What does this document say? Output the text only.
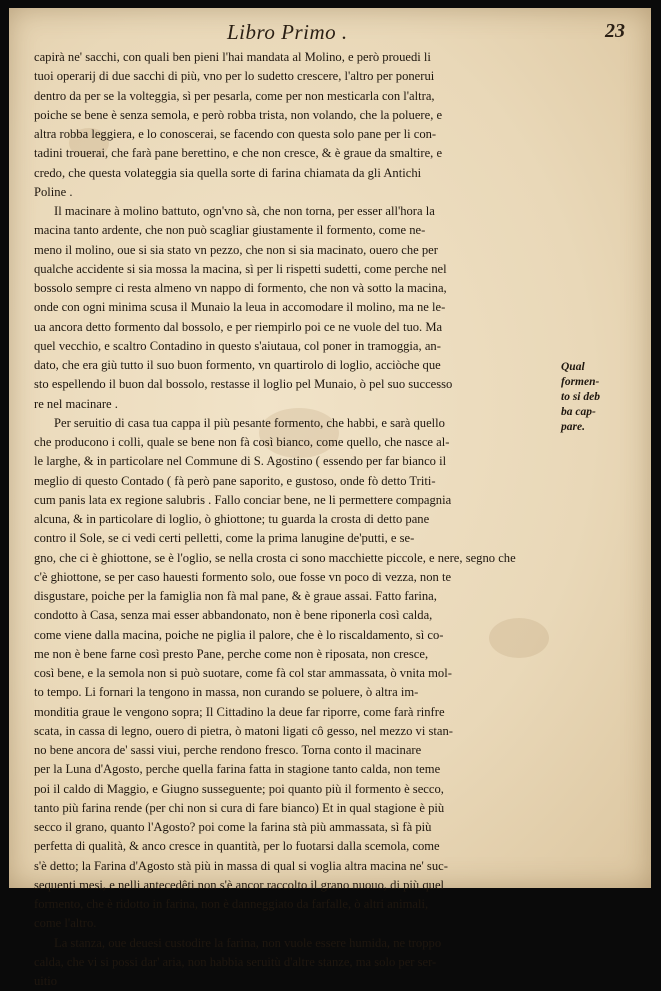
Libro Primo .	23
capirà ne' sacchi, con quali ben pieni l'hai mandata al Molino, e però prouedi li
tuoi operarij di due sacchi di più, vno per lo sudetto crescere, l'altro per ponerui
dentro da per se la volteggia, sì per pesarla, come per non mesticarla con l'altra,
poiche se bene è senza semola, e però robba trista, non volando, che la poluere, e
altra robba leggiera, e lo conoscerai, se facendo con questa solo pane per li con-
tadini trouerai, che farà pane berettino, e che non cresce, & è graue da smaltire, e
credo, che questa volateggia sia quella sorte di farina chiamata da gli Antichi
Poline .
Il macinare à molino battuto, ogn'vno sà, che non torna, per esser all'hora la
macina tanto ardente, che non può scagliar giustamente il formento, come ne-
meno il molino, oue si sia stato vn pezzo, che non si sia macinato, ouero che per
qualche accidente si sia mossa la macina, sì per li rispetti sudetti, come perche nel
bossolo sempre ci resta almeno vn nappo di formento, che non và sotto la macina,
onde con ogni minima scusa il Munaio la leua in accomodare il molino, ma ne le-
ua ancora detto formento dal bossolo, e per riempirlo poi ce ne vuole del tuo. Ma
quel vecchio, e scaltro Contadino in questo s'aiutaua, col poner in tramoggia, an-
dato, che era giù tutto il suo buon formento, vn quartirolo di loglio, acciòche que
sto espellendo il buon dal bossolo, restasse il loglio pel Munaio, ò pel suo successo
re nel macinare .
Per seruitio di casa tua cappa il più pesante formento, che habbi, e sarà quello
che producono i colli, quale se bene non fà così bianco, come quello, che nasce al-
le larghe, & in particolare nel Commune di S. Agostino ( essendo per far bianco il
meglio di questo Contado ( fà però pane saporito, e gustoso, onde fò detto Triti-
cum panis lata ex regione salubris . Fallo conciar bene, ne li permettere compagnia
alcuna, & in particolare di loglio, ò ghiottone; tu guarda la crosta di detto pane
contro il Sole, se ci vedi certi pelletti, come la prima lanugine de'putti, e se-
gno, che ci è ghiottone, se è l'oglio, se nella crosta ci sono macchiette piccole, e nere, segno che
c'è ghiottone, se per caso hauesti formento solo, oue fosse vn poco di vezza, non te
disgustare, poiche per la famiglia non fà mal pane, & è graue assai. Fatto farina,
condotto à Casa, senza mai esser abbandonato, non è bene riponerla così calda,
come viene dalla macina, poiche ne piglia il palore, che è lo riscaldamento, sì co-
me non è bene farne così presto Pane, perche come non è riposata, non cresce,
così bene, e la semola non si può suotare, come fà col star ammassata, ò vnita mol-
to tempo. Li fornari la tengono in massa, non curando se poluere, ò altra im-
monditia graue le vengono sopra; Il Cittadino la deue far riporre, come farà rinfre
scata, in cassa di legno, ouero di pietra, ò matoni ligati cô gesso, nel mezzo vi stan-
no bene ancora de' sassi viui, perche rendono fresco. Torna conto il macinare
per la Luna d'Agosto, perche quella farina fatta in stagione tanto calda, non teme
poi il caldo di Maggio, e Giugno susseguente; poi quanto più il formento è secco,
tanto più farina rende (per chi non si cura di fare bianco) Et in qual stagione è più
secco il grano, quanto l'Agosto? poi come la farina stà più ammassata, sì fà più
perfetta di qualità, & anco cresce in quantità, per lo fuotarsi dalla scemola, come
s'è detto; la Farina d'Agosto stà più in massa di qual si voglia altra macina ne' suc-
sequenti mesi, e nelli antecedêti non s'è ancor raccolto il grano nuouo, di più quel
formento, che è ridotto in farina, non è danneggiato da farfalle, ò altri animali,
come l'altro.
La stanza, oue deuesi custodire la farina, non vuole essere humida, ne troppo
calda, che vi si possi dar' aria, non habbia seruitù d'altre stanze, ma solo per ser-
uitio
Qual
formen-
to si deb
ba cap-
pare.
